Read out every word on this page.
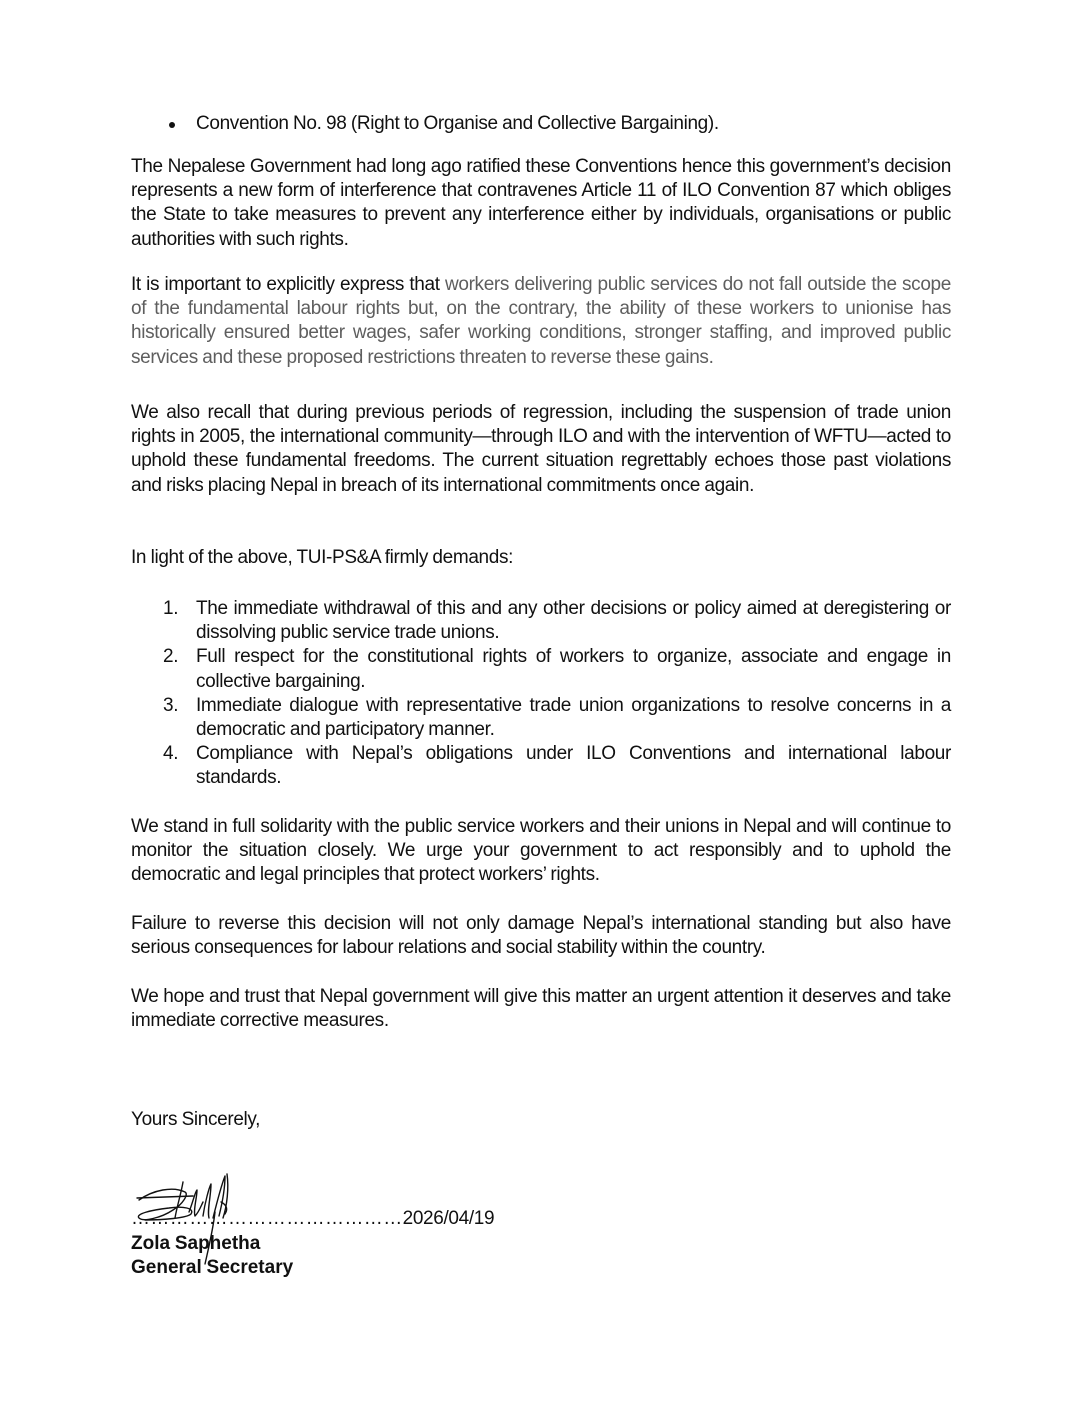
Convention No. 98 (Right to Organise and Collective Bargaining).

The Nepalese Government had long ago ratified these Conventions hence this government’s decision represents a new form of interference that contravenes Article 11 of ILO Convention 87 which obliges the State to take measures to prevent any interference either by individuals, organisations or public authorities with such rights.

It is important to explicitly express that workers delivering public services do not fall outside the scope of the fundamental labour rights but, on the contrary, the ability of these workers to unionise has historically ensured better wages, safer working conditions, stronger staffing, and improved public services and these proposed restrictions threaten to reverse these gains.

We also recall that during previous periods of regression, including the suspension of trade union rights in 2005, the international community—through ILO and with the intervention of WFTU—acted to uphold these fundamental freedoms. The current situation regrettably echoes those past violations and risks placing Nepal in breach of its international commitments once again.

In light of the above, TUI-PS&A firmly demands:

1. The immediate withdrawal of this and any other decisions or policy aimed at deregistering or dissolving public service trade unions.
2. Full respect for the constitutional rights of workers to organize, associate and engage in collective bargaining.
3. Immediate dialogue with representative trade union organizations to resolve concerns in a democratic and participatory manner.
4. Compliance with Nepal’s obligations under ILO Conventions and international labour standards.

We stand in full solidarity with the public service workers and their unions in Nepal and will continue to monitor the situation closely. We urge your government to act responsibly and to uphold the democratic and legal principles that protect workers’ rights.

Failure to reverse this decision will not only damage Nepal’s international standing but also have serious consequences for labour relations and social stability within the country.

We hope and trust that Nepal government will give this matter an urgent attention it deserves and take immediate corrective measures.

Yours Sincerely,
……………………………………2026/04/19
Zola Saphetha
General Secretary
